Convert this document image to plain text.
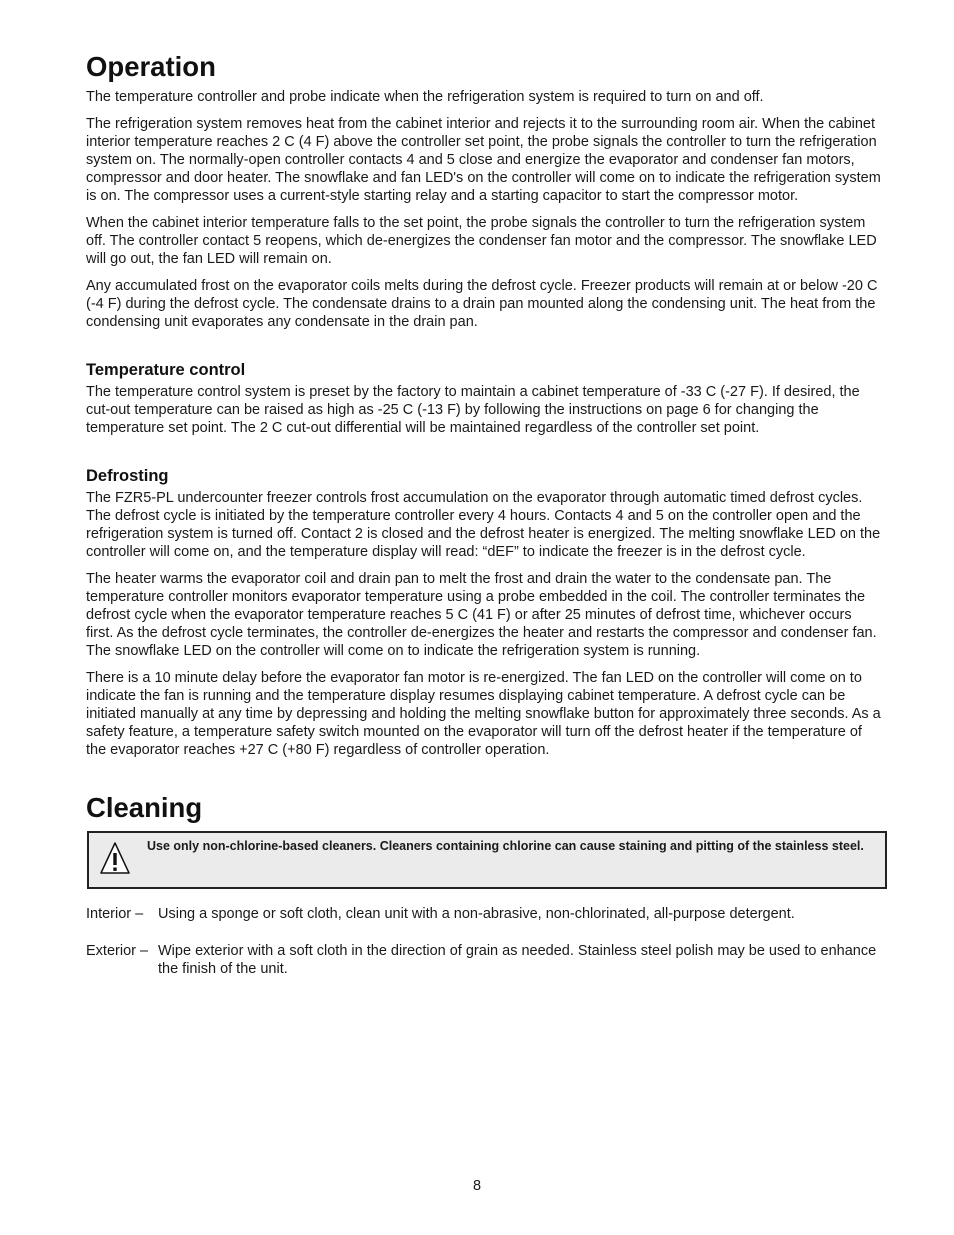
Operation

The temperature controller and probe indicate when the refrigeration system is required to turn on and off.

The refrigeration system removes heat from the cabinet interior and rejects it to the surrounding room air. When the cabinet interior temperature reaches 2 C (4 F) above the controller set point, the probe signals the controller to turn the refrigeration system on. The normally-open controller contacts 4 and 5 close and energize the evaporator and condenser fan motors, compressor and door heater. The snowflake and fan LED's on the controller will come on to indicate the refrigeration system is on. The compressor uses a current-style starting relay and a starting capacitor to start the compressor motor.

When the cabinet interior temperature falls to the set point, the probe signals the controller to turn the refrigeration system off. The controller contact 5 reopens, which de-energizes the condenser fan motor and the compressor. The snowflake LED will go out, the fan LED will remain on.

Any accumulated frost on the evaporator coils melts during the defrost cycle. Freezer products will remain at or below -20 C (-4 F) during the defrost cycle. The condensate drains to a drain pan mounted along the condensing unit. The heat from the condensing unit evaporates any condensate in the drain pan.

Temperature control

The temperature control system is preset by the factory to maintain a cabinet temperature of -33 C (-27 F). If desired, the cut-out temperature can be raised as high as -25 C (-13 F) by following the instructions on page 6 for changing the temperature set point. The 2 C cut-out differential will be maintained regardless of the controller set point.

Defrosting

The FZR5-PL undercounter freezer controls frost accumulation on the evaporator through automatic timed defrost cycles. The defrost cycle is initiated by the temperature controller every 4 hours. Contacts 4 and 5 on the controller open and the refrigeration system is turned off. Contact 2 is closed and the defrost heater is energized. The melting snowflake LED on the controller will come on, and the temperature display will read: “dEF” to indicate the freezer is in the defrost cycle.

The heater warms the evaporator coil and drain pan to melt the frost and drain the water to the condensate pan. The temperature controller monitors evaporator temperature using a probe embedded in the coil. The controller terminates the defrost cycle when the evaporator temperature reaches 5 C (41 F) or after 25 minutes of defrost time, whichever occurs first. As the defrost cycle terminates, the controller de-energizes the heater and restarts the compressor and condenser fan. The snowflake LED on the controller will come on to indicate the refrigeration system is running.

There is a 10 minute delay before the evaporator fan motor is re-energized. The fan LED on the controller will come on to indicate the fan is running and the temperature display resumes displaying cabinet temperature. A defrost cycle can be initiated manually at any time by depressing and holding the melting snowflake button for approximately three seconds. As a safety feature, a temperature safety switch mounted on the evaporator will turn off the defrost heater if the temperature of the evaporator reaches +27 C (+80 F) regardless of controller operation.

Cleaning
Use only non-chlorine-based cleaners. Cleaners containing chlorine can cause staining and pitting of the stainless steel.
Interior –	Using a sponge or soft cloth, clean unit with a non-abrasive, non-chlorinated, all-purpose detergent.
Exterior – Wipe exterior with a soft cloth in the direction of grain as needed. Stainless steel polish may be used to enhance the finish of the unit.
8
